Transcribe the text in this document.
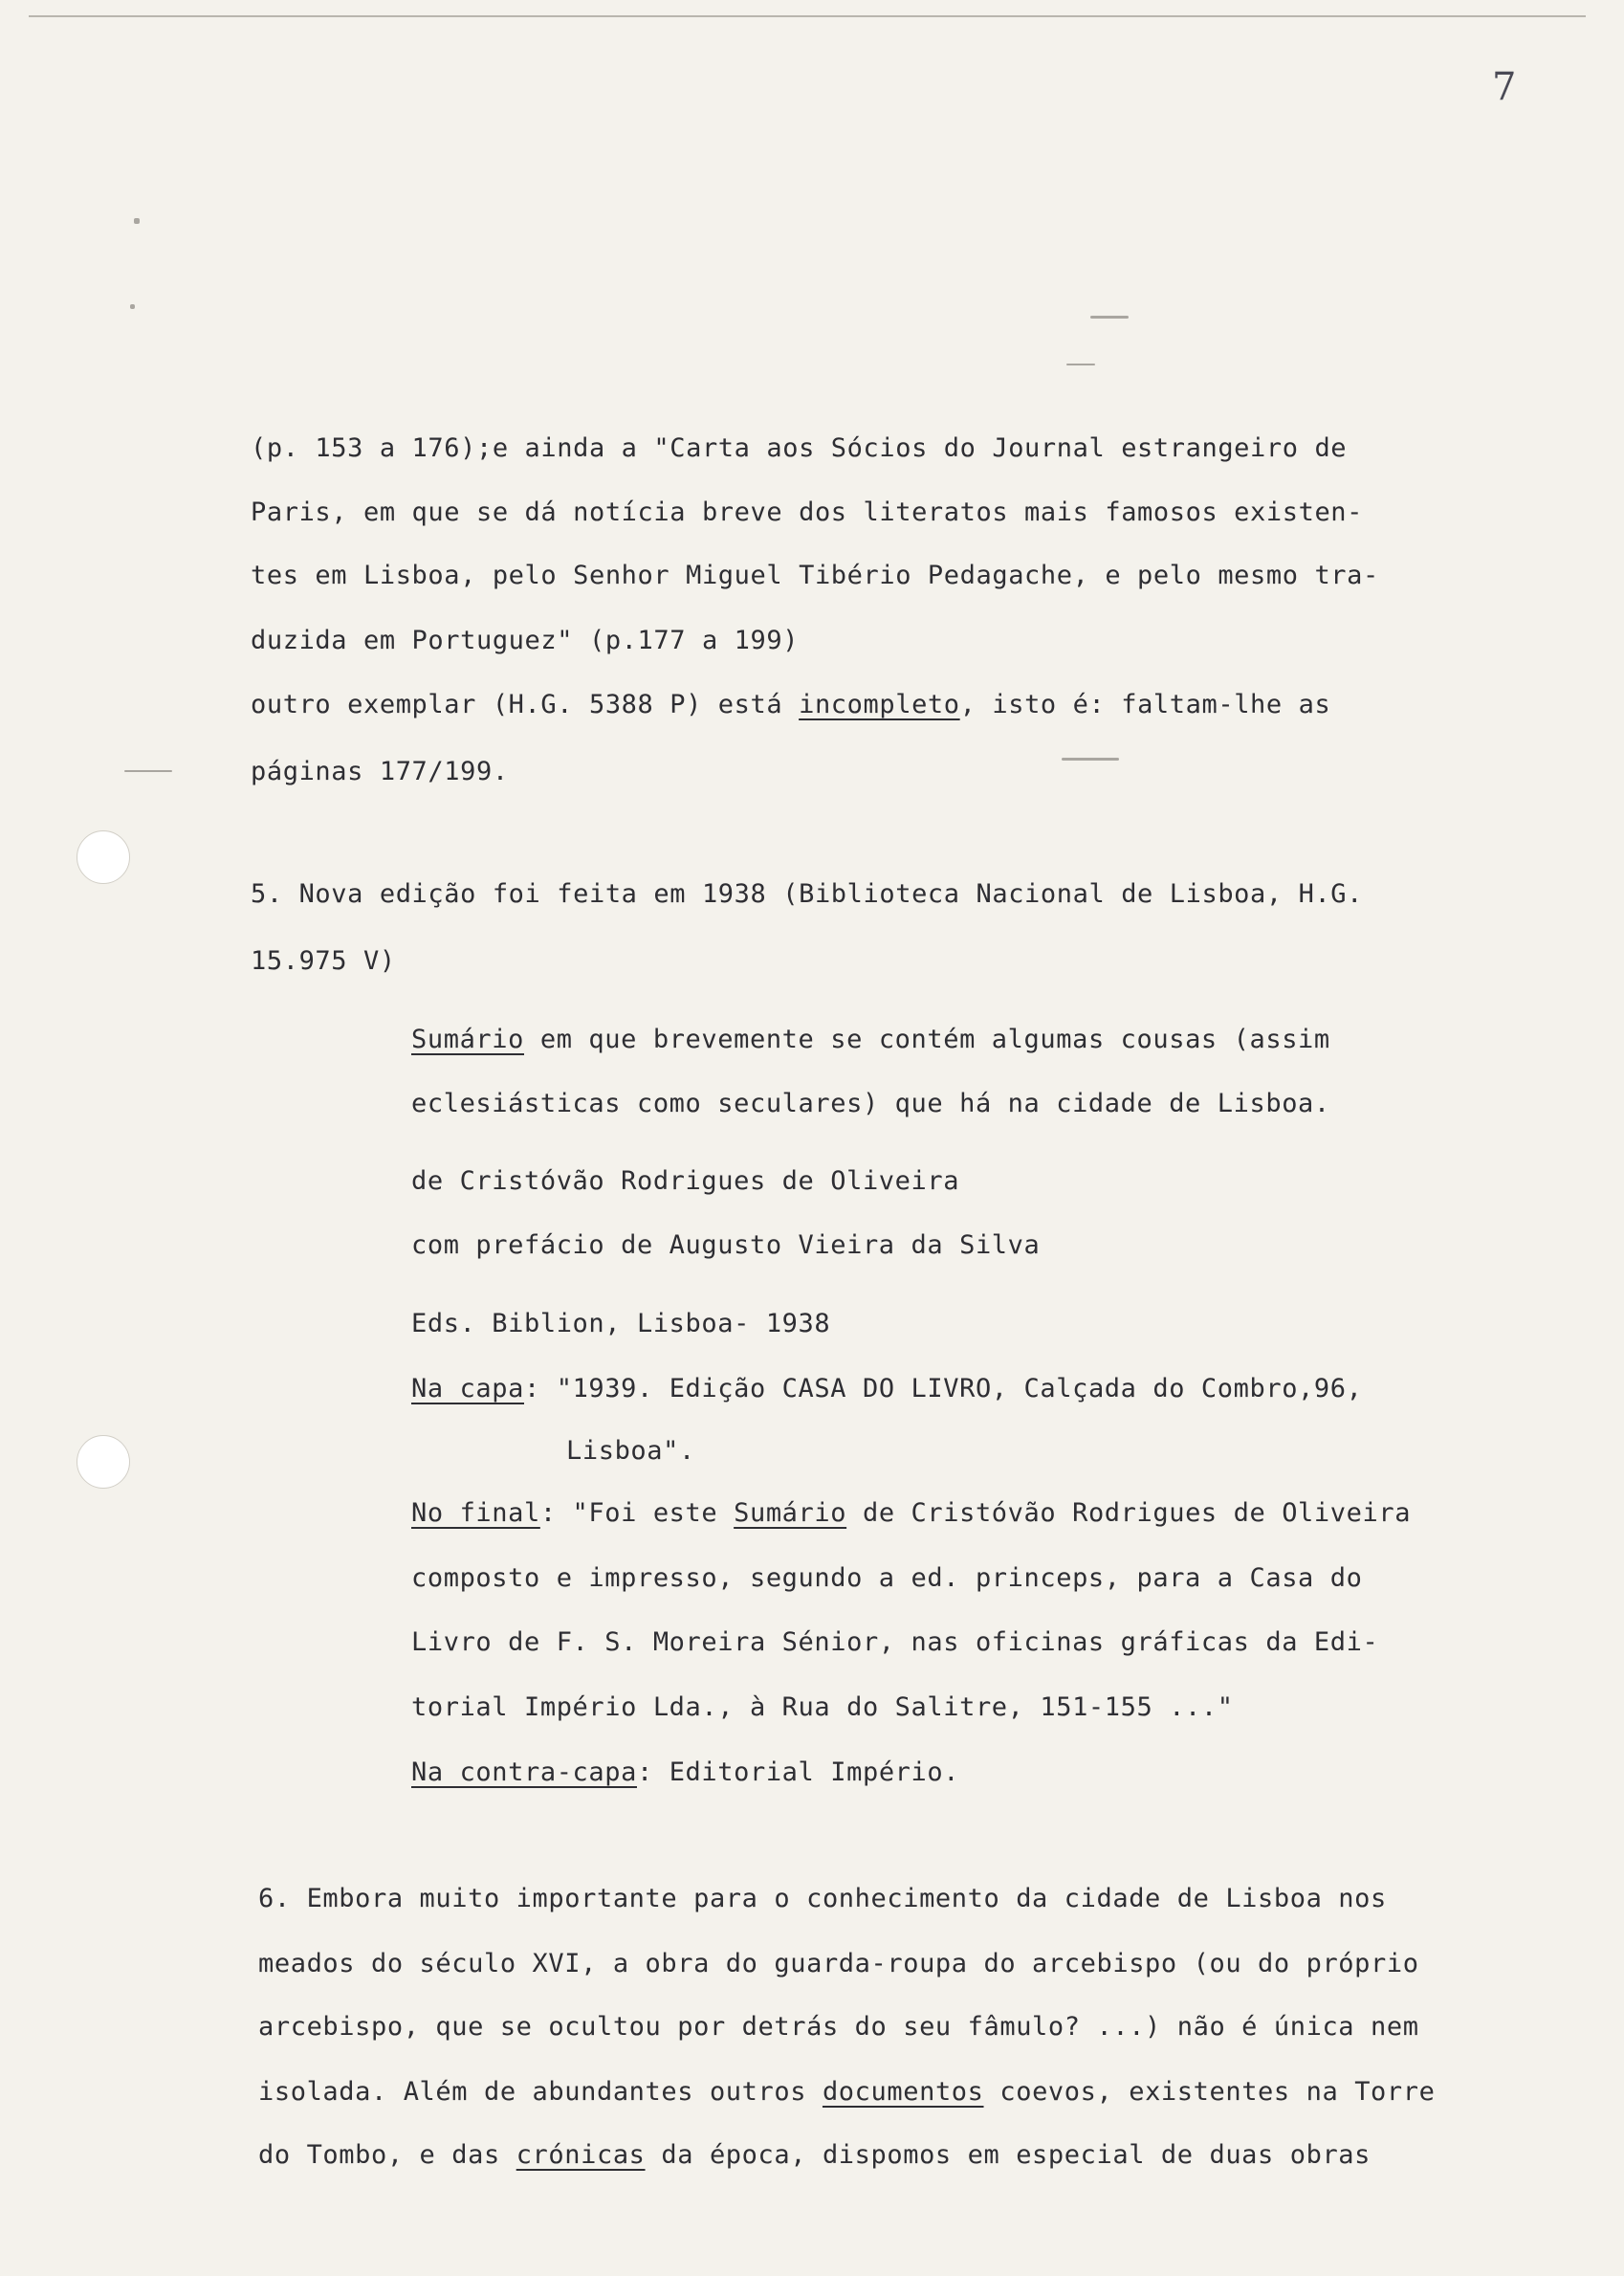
7
(p. 153 a 176);e ainda a "Carta aos Sócios do Journal estrangeiro de
Paris, em que se dá notícia breve dos literatos mais famosos existen-
tes em Lisboa, pelo Senhor Miguel Tibério Pedagache, e pelo mesmo tra-
duzida em Portuguez" (p.177 a 199)
outro exemplar (H.G. 5388 P) está incompleto, isto é: faltam-lhe as
páginas 177/199.
5. Nova edição foi feita em 1938 (Biblioteca Nacional de Lisboa, H.G.
15.975 V)
Sumário em que brevemente se contém algumas cousas (assim
eclesiásticas como seculares) que há na cidade de Lisboa.
de Cristóvão Rodrigues de Oliveira
com prefácio de Augusto Vieira da Silva
Eds. Biblion, Lisboa- 1938
Na capa: "1939. Edição CASA DO LIVRO, Calçada do Combro,96,
Lisboa".
No final: "Foi este Sumário de Cristóvão Rodrigues de Oliveira
composto e impresso, segundo a ed. princeps, para a Casa do
Livro de F. S. Moreira Sénior, nas oficinas gráficas da Edi-
torial Império Lda., à Rua do Salitre, 151-155 ..."
Na contra-capa: Editorial Império.
6. Embora muito importante para o conhecimento da cidade de Lisboa nos
meados do século XVI, a obra do guarda-roupa do arcebispo (ou do próprio
arcebispo, que se ocultou por detrás do seu fâmulo? ...) não é única nem
isolada. Além de abundantes outros documentos coevos, existentes na Torre
do Tombo, e das crónicas da época, dispomos em especial de duas obras
